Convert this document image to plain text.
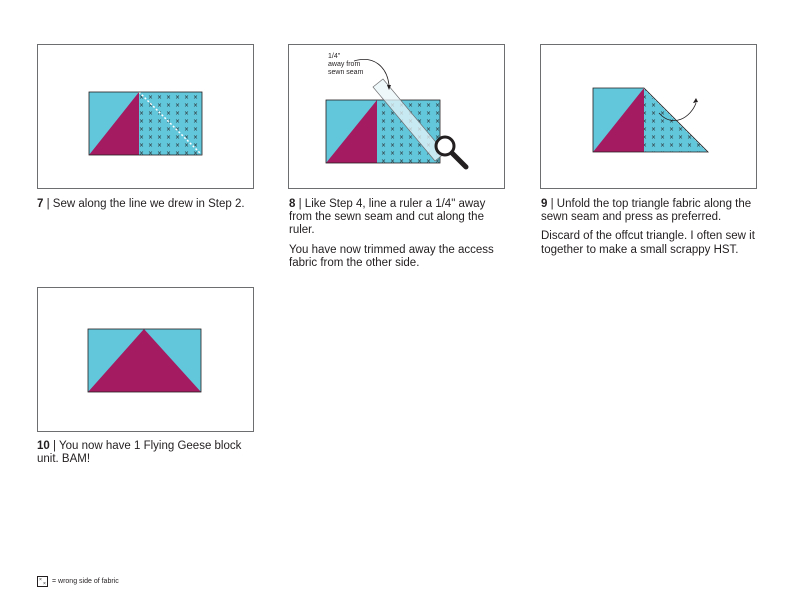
7 | Sew along the line we drew in Step 2.

1/4"
away from
sewn seam

8 | Like Step 4, line a ruler a 1/4" away from the sewn seam and cut along the ruler.

You have now trimmed away the access fabric from the other side.

9 | Unfold the top triangle fabric along the sewn seam and press as preferred.

Discard of the offcut triangle. I often sew it together to make a small scrappy HST.

10 | You now have 1 Flying Geese block unit. BAM!

×
× = wrong side of fabric
